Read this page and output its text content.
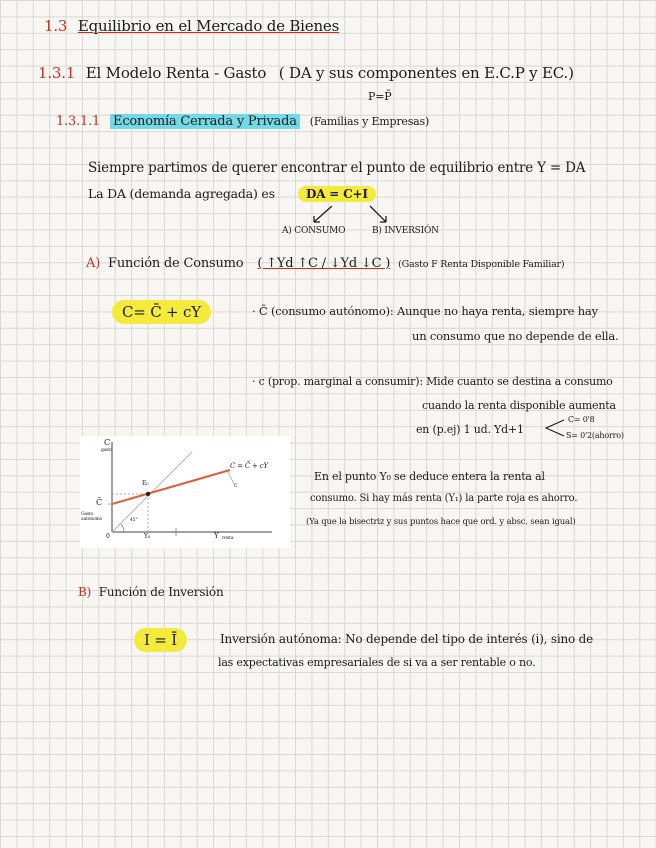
1.3 Equilibrio en el Mercado de Bienes
1.3.1 El Modelo Renta - Gasto ( DA y sus componentes en E.C.P y EC.)
P=P̄
1.3.1.1 Economía Cerrada y Privada (Familias y Empresas)
Siempre partimos de querer encontrar el punto de equilibrio entre Y = DA
La DA (demanda agregada) es	DA = C+I
A) CONSUMO	B) INVERSIÓN
A) Función de Consumo ( ↑Yd ↑C / ↓Yd ↓C ) (Gasto F Renta Disponible Familiar)
C= C̄ + cY	· C̄ (consumo autónomo): Aunque no haya renta, siempre hay
un consumo que no depende de ella.
· c (prop. marginal a consumir): Mide cuanto se destina a consumo
cuando la renta disponible aumenta
en (p.ej) 1 ud. Yd+1
C= 0'8
S= 0'2(ahorro)
C
gasto
C̄
Gasto autónomo
0	Y₀	Y renta
E₀
45°
C = C̄ + cY
c
En el punto Y₀ se deduce entera la renta al
consumo. Si hay más renta (Y₁) la parte roja es ahorro.
(Ya que la bisectriz y sus puntos hace que ord. y absc. sean igual)
B) Función de Inversión
I = Ī	Inversión autónoma: No depende del tipo de interés (i), sino de
las expectativas empresariales de si va a ser rentable o no.
